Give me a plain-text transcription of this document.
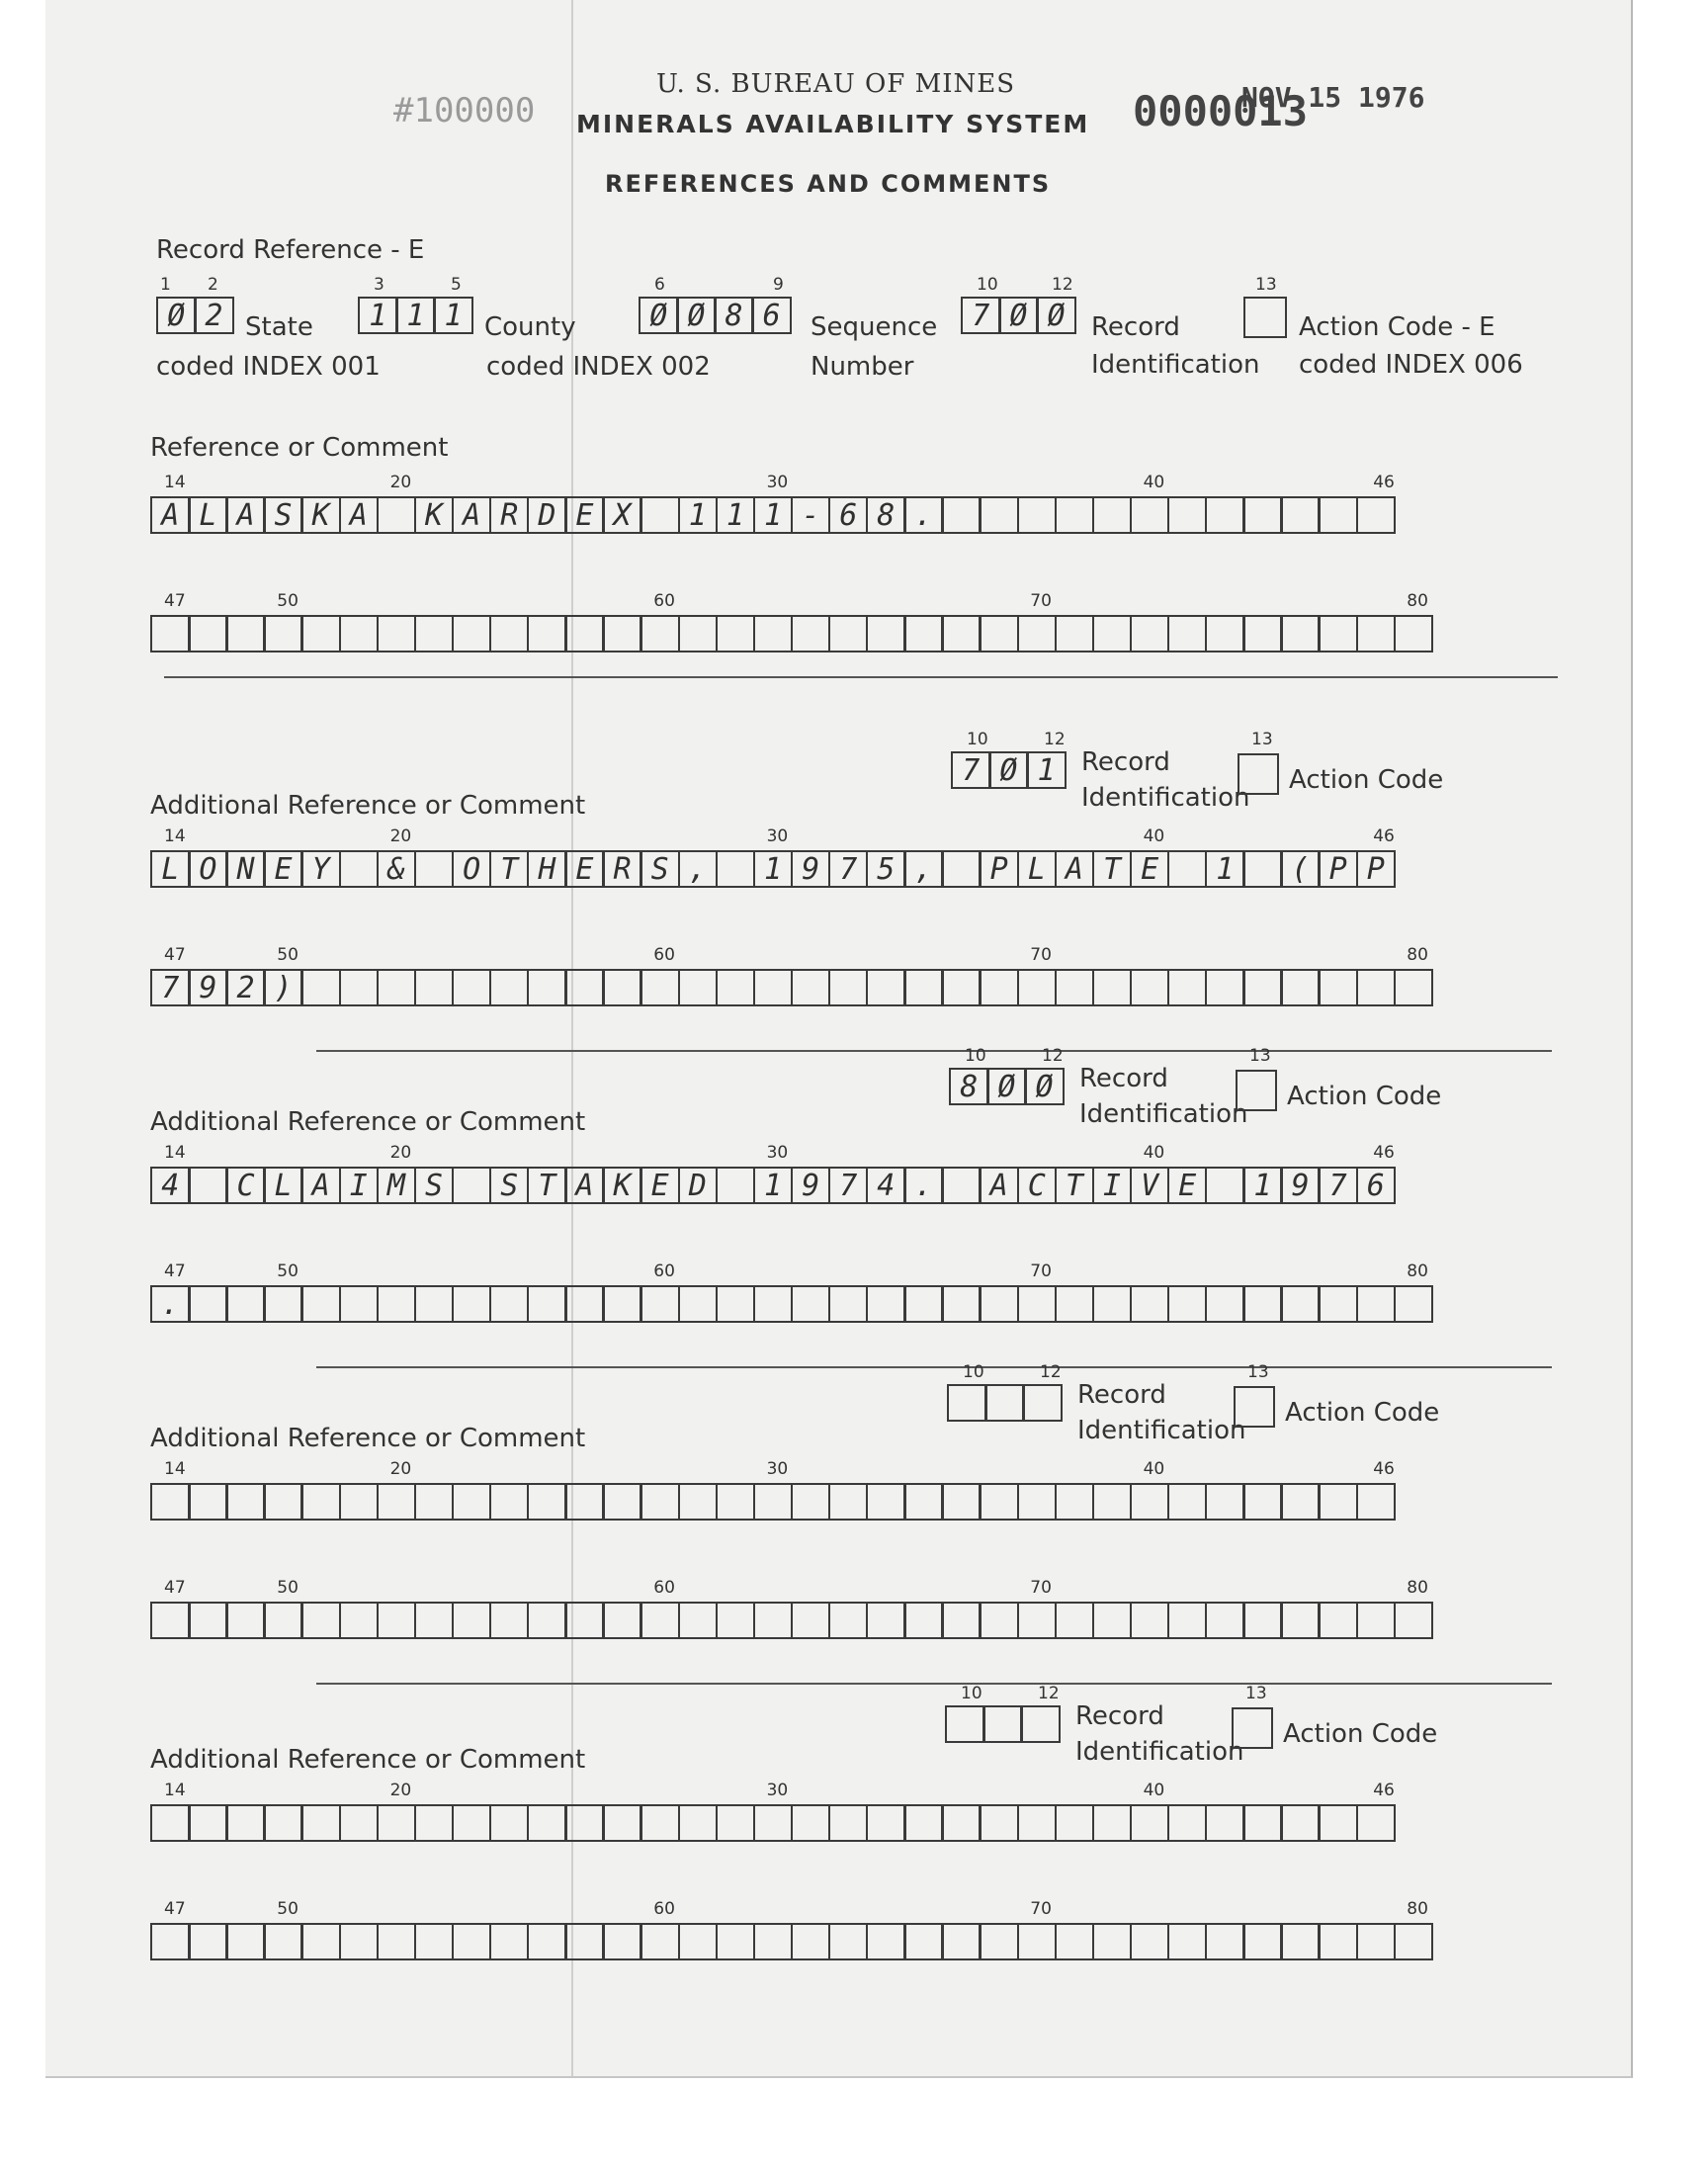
U. S. BUREAU OF MINES
MINERALS AVAILABILITY SYSTEM
REFERENCES AND COMMENTS
#100000	0000013
NOV 15 1976
Record Reference - E
1 2
Ø 2 State
coded INDEX 001
3	5
1 1 1 County
coded INDEX 002
6	9
Ø Ø 8 6	Sequence
Number
10	12
7 Ø Ø	Record
Identification
13
Action Code - E
coded INDEX 006
Reference or Comment
14	20	30	40	46
A L A S K A	K A R D E X	1 1 1 - 6 8 .
47	50	60	70	80
Additional Reference or Comment
10	12
7 Ø 1	Record
Identification
13
Action Code
14	20	30	40	46
L O N E Y	&	O T H E R S ,	1 9 7 5 ,	P L A T E	1	( P P
47	50	60	70	80
7 9 2 )
Additional Reference or Comment
10	12
8 Ø Ø	Record
Identification
13
Action Code
14	20	30	40	46
4	C L A I M S	S T A K E D	1 9 7 4 .	A C T I V E	1 9 7 6
47	50	60	70	80
.
Additional Reference or Comment
10	12
Record
Identification
13
Action Code
14	20	30	40	46
47	50	60	70	80
Additional Reference or Comment
10	12
Record
Identification
13
Action Code
14	20	30	40	46
47	50	60	70	80
